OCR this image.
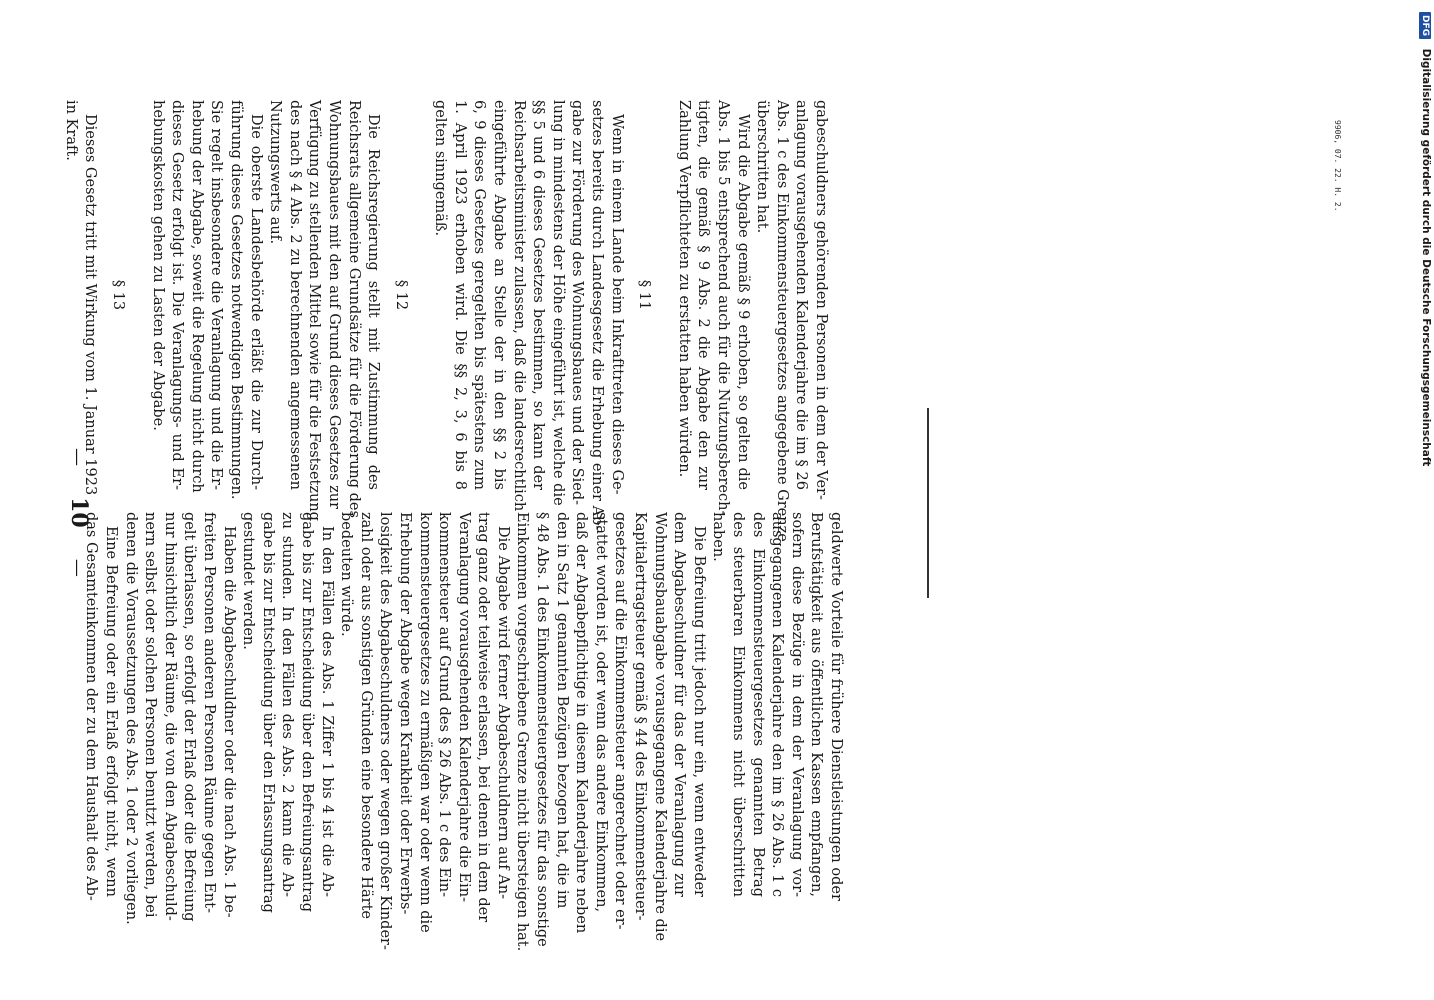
— 10 —	geldwerte Vorteile für frühere Dienstleistungen oder
Berufstätigkeit aus öffentlichen Kassen empfangen,
sofern diese Bezüge in dem der Veranlagung vor-
ausgegangenen Kalenderjahre den im § 26 Abs. 1 c
des Einkommensteuergesetzes genannten Betrag
des steuerbaren Einkommens nicht überschritten
haben.
Die Befreiung tritt jedoch nur ein, wenn entweder
dem Abgabeschuldner für das der Veranlagung zur
Wohnungsbauabgabe vorausgegangene Kalenderjahre die
Kapitalertragsteuer gemäß § 44 des Einkommensteuer-
gesetzes auf die Einkommensteuer angerechnet oder er-
stattet worden ist, oder wenn das andere Einkommen,
daß der Abgabepflichtige in diesem Kalenderjahre neben
den in Satz 1 genannten Bezügen bezogen hat, die im
§ 48 Abs. 1 des Einkommensteuergesetzes für das sonstige
Einkommen vorgeschriebene Grenze nicht übersteigen hat.
Die Abgabe wird ferner Abgabeschuldnern auf An-
trag ganz oder teilweise erlassen, bei denen in dem der
Veranlagung vorausgehenden Kalenderjahre die Ein-
kommensteuer auf Grund des § 26 Abs. 1 c des Ein-
kommensteuergesetzes zu ermäßigen war oder wenn die
Erhebung der Abgabe wegen Krankheit oder Erwerbs-
losigkeit des Abgabeschuldners oder wegen großer Kinder-
zahl oder aus sonstigen Gründen eine besondere Härte
bedeuten würde.
In den Fällen des Abs. 1 Ziffer 1 bis 4 ist die Ab-
gabe bis zur Entscheidung über den Befreiungsantrag
zu stunden. In den Fällen des Abs. 2 kann die Ab-
gabe bis zur Entscheidung über den Erlassungsantrag
gestundet werden.
Haben die Abgabeschuldner oder die nach Abs. 1 be-
freiten Personen anderen Personen Räume gegen Ent-
gelt überlassen, so erfolgt der Erlaß oder die Befreiung
nur hinsichtlich der Räume, die von den Abgabeschuld-
nern selbst oder solchen Personen benutzt werden, bei
denen die Voraussetzungen des Abs. 1 oder 2 vorliegen.
Eine Befreiung oder ein Erlaß erfolgt nicht, wenn
das Gesamteinkommen der zu dem Haushalt des Ab-
gabeschuldners gehörenden Personen in dem der Ver-
anlagung vorausgehenden Kalenderjahre die im § 26
Abs. 1 c des Einkommensteuergesetzes angegebene Grenze
überschritten hat.
Wird die Abgabe gemäß § 9 erhoben, so gelten die
Abs. 1 bis 5 entsprechend auch für die Nutzungsberech-
tigten, die gemäß § 9 Abs. 2 die Abgabe den zur
Zahlung Verpflichteten zu erstatten haben würden.
§ 11
Wenn in einem Lande beim Inkrafttreten dieses Ge-
setzes bereits durch Landesgesetz die Erhebung einer Ab-
gabe zur Förderung des Wohnungsbaues und der Sied-
lung in mindestens der Höhe eingeführt ist, welche die
§§ 5 und 6 dieses Gesetzes bestimmen, so kann der
Reichsarbeitsminister zulassen, daß die landesrechtlich
eingeführte Abgabe an Stelle der in den §§ 2 bis
6, 9 dieses Gesetzes geregelten bis spätestens zum
1. April 1923 erhoben wird. Die §§ 2, 3, 6 bis 8
gelten sinngemäß.
§ 12
Die Reichsregierung stellt mit Zustimmung des
Reichsrats allgemeine Grundsätze für die Förderung des
Wohnungsbaues mit den auf Grund dieses Gesetzes zur
Verfügung zu stellenden Mittel sowie für die Festsetzung
des nach § 4 Abs. 2 zu berechnenden angemessenen
Nutzungswerts auf.
Die oberste Landesbehörde erläßt die zur Durch-
führung dieses Gesetzes notwendigen Bestimmungen.
Sie regelt insbesondere die Veranlagung und die Er-
hebung der Abgabe, soweit die Regelung nicht durch
dieses Gesetz erfolgt ist. Die Veranlagungs- und Er-
hebungskosten gehen zu Lasten der Abgabe.
§ 13
Dieses Gesetz tritt mit Wirkung vom 1. Januar 1923
in Kraft.	9906, 07. 22. H. 2.
DFG Digitalisierung gefördert durch die Deutsche Forschungsgemeinschaft
